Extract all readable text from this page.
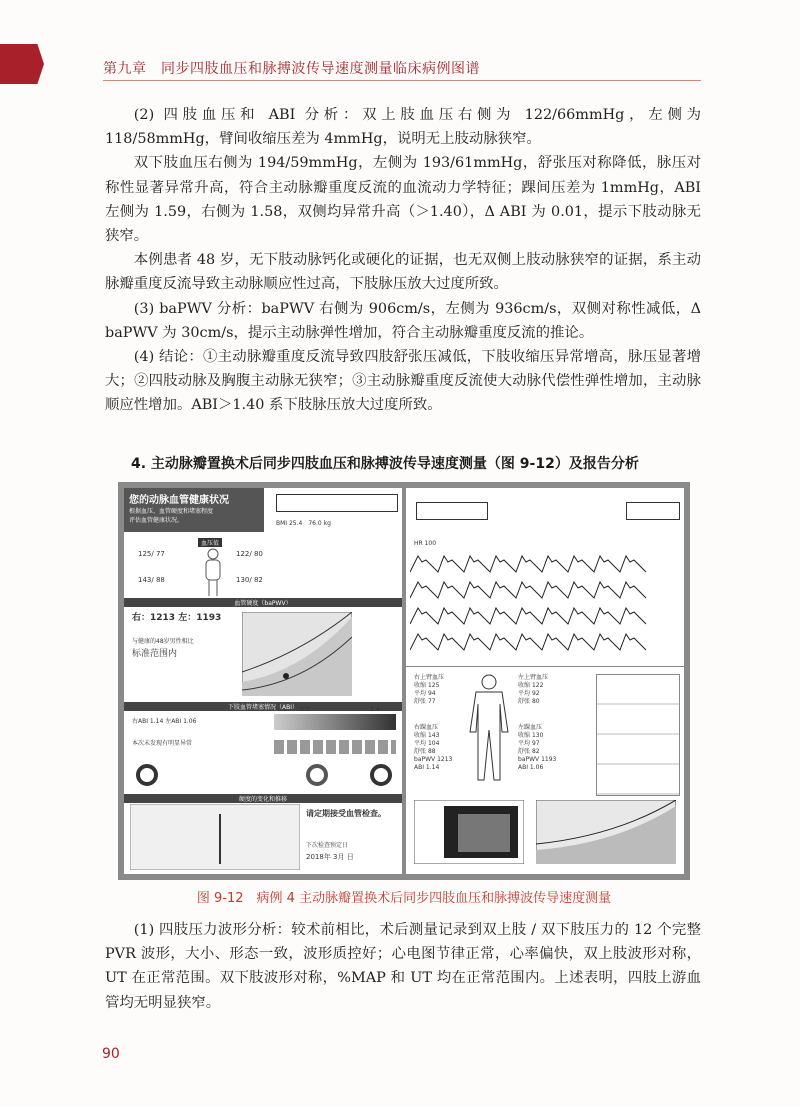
第九章　同步四肢血压和脉搏波传导速度测量临床病例图谱

(2) 四肢血压和 ABI 分析：双上肢血压右侧为 122/66mmHg，左侧为 118/58mmHg，臂间收缩压差为 4mmHg，说明无上肢动脉狭窄。

双下肢血压右侧为 194/59mmHg，左侧为 193/61mmHg，舒张压对称降低，脉压对称性显著异常升高，符合主动脉瓣重度反流的血流动力学特征；踝间压差为 1mmHg，ABI 左侧为 1.59，右侧为 1.58，双侧均异常升高（＞1.40），Δ ABI 为 0.01，提示下肢动脉无狭窄。

本例患者 48 岁，无下肢动脉钙化或硬化的证据，也无双侧上肢动脉狭窄的证据，系主动脉瓣重度反流导致主动脉顺应性过高，下肢脉压放大过度所致。

(3) baPWV 分析：baPWV 右侧为 906cm/s，左侧为 936cm/s，双侧对称性减低，Δ baPWV 为 30cm/s，提示主动脉弹性增加，符合主动脉瓣重度反流的推论。

(4) 结论：①主动脉瓣重度反流导致四肢舒张压减低，下肢收缩压异常增高，脉压显著增大；②四肢动脉及胸腹主动脉无狭窄；③主动脉瓣重度反流使大动脉代偿性弹性增加，主动脉顺应性增加。ABI＞1.40 系下肢脉压放大过度所致。

4. 主动脉瓣置换术后同步四肢血压和脉搏波传导速度测量（图 9-12）及报告分析
您的动脉血管健康状况
根据血压、血管硬度和堵塞程度
评估血管健康状况。	BMI 25.4　 76.0 kg
血压值
125/ 77	122/ 80
143/ 88	130/ 82
血管硬度（baPWV）
右：1213 左：1193
与健康的48岁男性相比
标准范围内
下肢血管堵塞情况（ABI）
右ABI 1.14 左ABI 1.06
本次未发现有明显异常
0.9	1.4
硬度的变化和推移
请定期接受血管检查。
下次检查预定日
2018年 3月 日
HR 100
右上臂血压
收缩 125
平均 94
舒张 77
右踝血压
收缩 143
平均 104
舒张 88
baPWV 1213
ABI 1.14
左上臂血压
收缩 122
平均 92
舒张 80
左踝血压
收缩 130
平均 97
舒张 82
baPWV 1193
ABI 1.06
图 9-12　病例 4 主动脉瓣置换术后同步四肢血压和脉搏波传导速度测量

(1) 四肢压力波形分析：较术前相比，术后测量记录到双上肢 / 双下肢压力的 12 个完整 PVR 波形，大小、形态一致，波形质控好；心电图节律正常，心率偏快，双上肢波形对称，UT 在正常范围。双下肢波形对称，%MAP 和 UT 均在正常范围内。上述表明，四肢上游血管均无明显狭窄。

90
